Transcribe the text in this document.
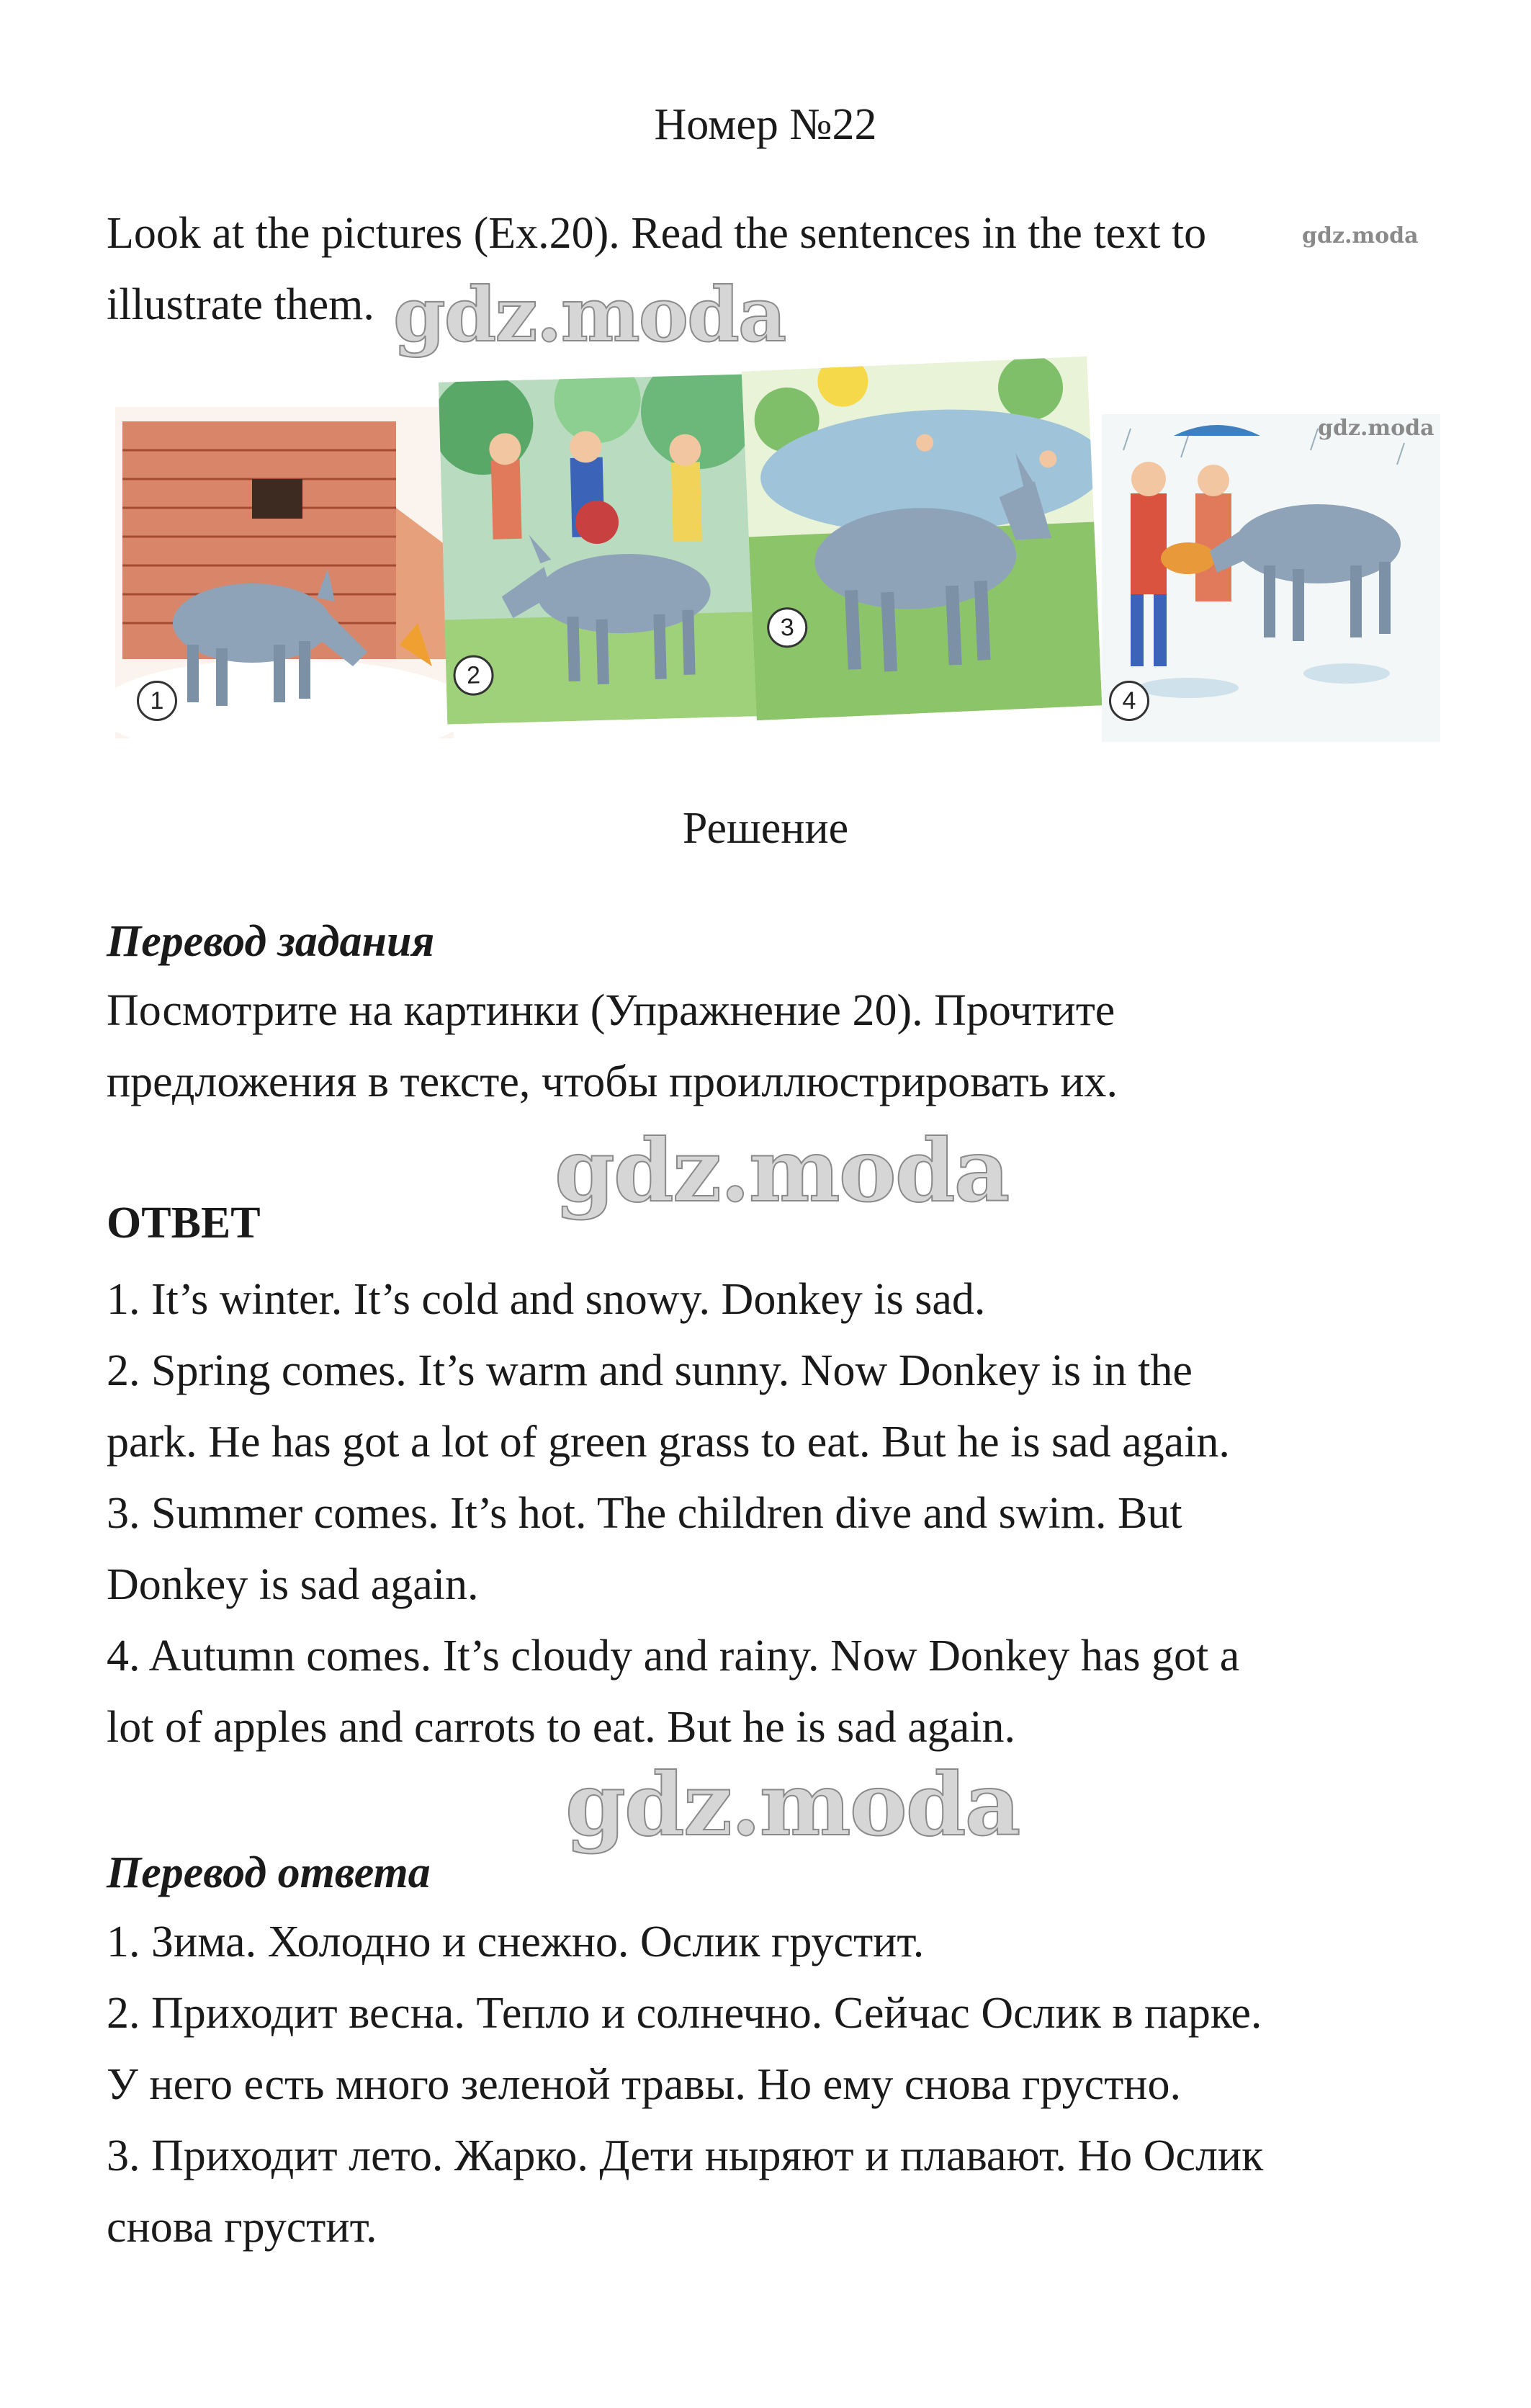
Номер №22
Look at the pictures (Ex.20). Read the sentences in the text to	gdz.moda
illustrate them. gdz.moda
1
2
3
gdz.moda
4
Решение
Перевод задания
Посмотрите на картинки (Упражнение 20). Прочтите
предложения в тексте, чтобы проиллюстрировать их.
gdz.moda
ОТВЕТ
1. It’s winter. It’s cold and snowy. Donkey is sad.
2. Spring comes. It’s warm and sunny. Now Donkey is in the
park. He has got a lot of green grass to eat. But he is sad again.
3. Summer comes. It’s hot. The children dive and swim. But
Donkey is sad again.
4. Autumn comes. It’s cloudy and rainy. Now Donkey has got a
lot of apples and carrots to eat. But he is sad again.
gdz.moda
Перевод ответа
1. Зима. Холодно и снежно. Ослик грустит.
2. Приходит весна. Тепло и солнечно. Сейчас Ослик в парке.
У него есть много зеленой травы. Но ему снова грустно.
3. Приходит лето. Жарко. Дети ныряют и плавают. Но Ослик
снова грустит.
